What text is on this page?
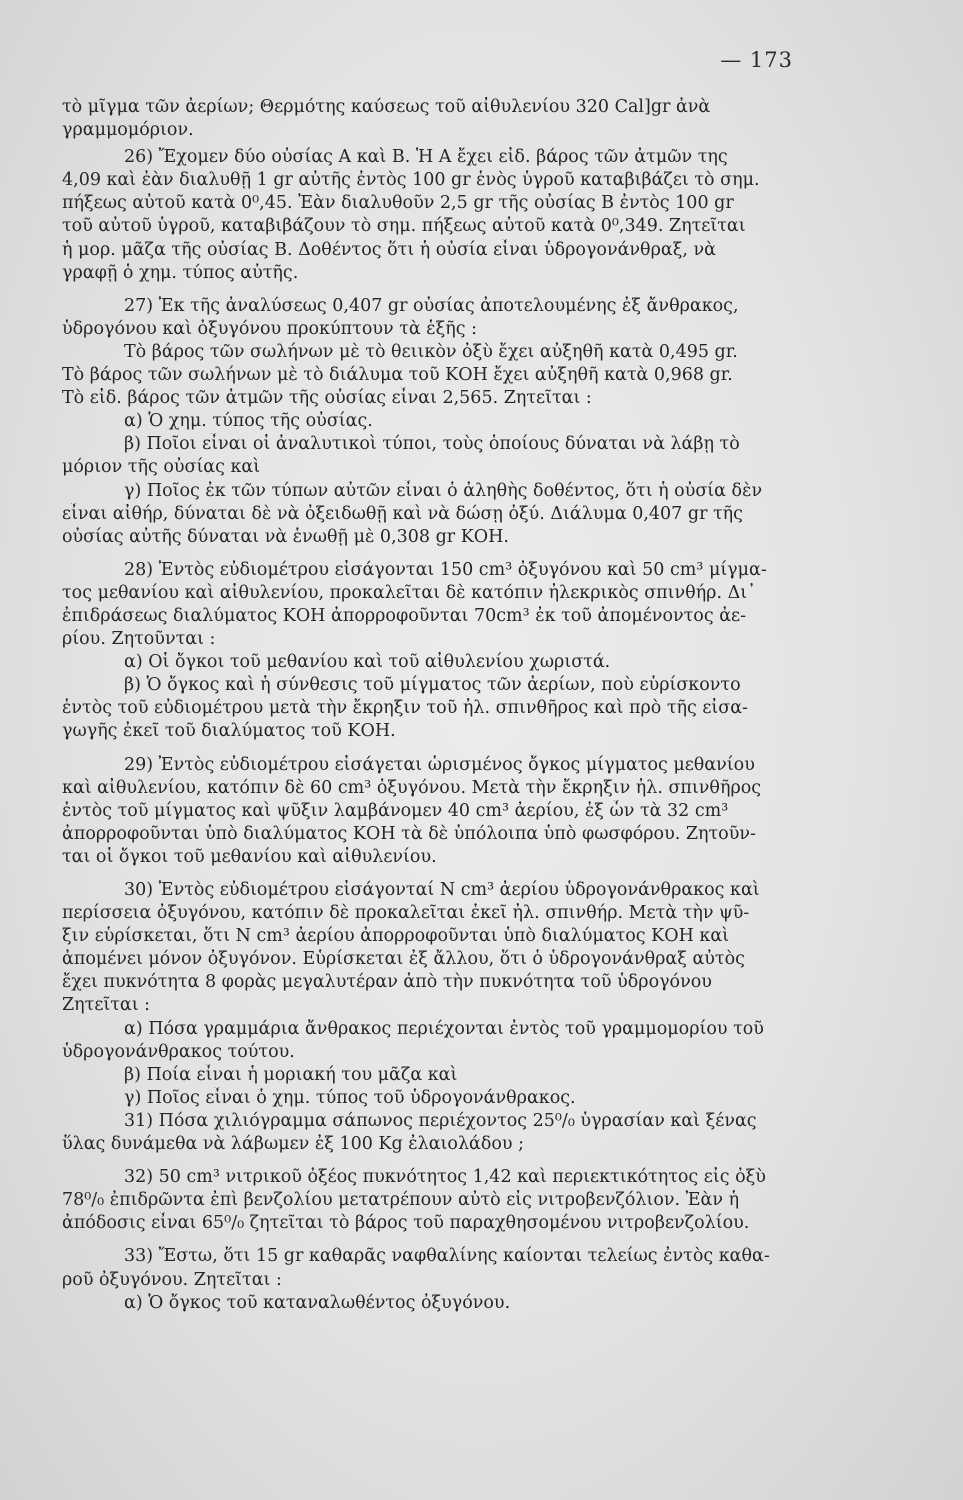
— 173
τὸ μῖγμα τῶν ἀερίων; Θερμότης καύσεως τοῦ αἰθυλενίου 320 Cal]gr ἀνὰ
γραμμομόριον.
26) Ἔχομεν δύο οὐσίας Α καὶ Β. Ἡ Α ἔχει εἰδ. βάρος τῶν ἀτμῶν της
4,09 καὶ ἐὰν διαλυθῇ 1 gr αὐτῆς ἐντὸς 100 gr ἑνὸς ὑγροῦ καταβιβάζει τὸ σημ.
πήξεως αὐτοῦ κατὰ 0⁰,45. Ἐὰν διαλυθοῦν 2,5 gr τῆς οὐσίας Β ἐντὸς 100 gr
τοῦ αὐτοῦ ὑγροῦ, καταβιβάζουν τὸ σημ. πήξεως αὐτοῦ κατὰ 0⁰,349. Ζητεῖται
ἡ μορ. μᾶζα τῆς οὐσίας Β. Δοθέντος ὅτι ἡ οὐσία εἶναι ὑδρογονάνθραξ, νὰ
γραφῇ ὁ χημ. τύπος αὐτῆς.
27) Ἐκ τῆς ἀναλύσεως 0,407 gr οὐσίας ἀποτελουμένης ἐξ ἄνθρακος,
ὑδρογόνου καὶ ὀξυγόνου προκύπτουν τὰ ἑξῆς :
Τὸ βάρος τῶν σωλήνων μὲ τὸ θειικὸν ὀξὺ ἔχει αὐξηθῆ κατὰ 0,495 gr.
Τὸ βάρος τῶν σωλήνων μὲ τὸ διάλυμα τοῦ ΚΟΗ ἔχει αὐξηθῆ κατὰ 0,968 gr.
Τὸ εἰδ. βάρος τῶν ἀτμῶν τῆς οὐσίας εἶναι 2,565. Ζητεῖται :
α) Ὁ χημ. τύπος τῆς οὐσίας.
β) Ποῖοι εἶναι οἱ ἀναλυτικοὶ τύποι, τοὺς ὁποίους δύναται νὰ λάβῃ τὸ
μόριον τῆς οὐσίας καὶ
γ) Ποῖος ἐκ τῶν τύπων αὐτῶν εἶναι ὁ ἀληθὴς δοθέντος, ὅτι ἡ οὐσία δὲν
εἶναι αἰθήρ, δύναται δὲ νὰ ὀξειδωθῇ καὶ νὰ δώσῃ ὀξύ. Διάλυμα 0,407 gr τῆς
οὐσίας αὐτῆς δύναται νὰ ἑνωθῇ μὲ 0,308 gr ΚΟΗ.
28) Ἐντὸς εὐδιομέτρου εἰσάγονται 150 cm³ ὀξυγόνου καὶ 50 cm³ μίγμα-
τος μεθανίου καὶ αἰθυλενίου, προκαλεῖται δὲ κατόπιν ἠλεκρικὸς σπινθήρ. Δι᾽
ἐπιδράσεως διαλύματος ΚΟΗ ἀπορροφοῦνται 70cm³ ἐκ τοῦ ἀπομένοντος ἀε-
ρίου. Ζητοῦνται :
α) Οἱ ὄγκοι τοῦ μεθανίου καὶ τοῦ αἰθυλενίου χωριστά.
β) Ὁ ὄγκος καὶ ἡ σύνθεσις τοῦ μίγματος τῶν ἀερίων, ποὺ εὑρίσκοντο
ἐντὸς τοῦ εὐδιομέτρου μετὰ τὴν ἔκρηξιν τοῦ ἠλ. σπινθῆρος καὶ πρὸ τῆς εἰσα-
γωγῆς ἐκεῖ τοῦ διαλύματος τοῦ ΚΟΗ.
29) Ἐντὸς εὐδιομέτρου εἰσάγεται ὡρισμένος ὄγκος μίγματος μεθανίου
καὶ αἰθυλενίου, κατόπιν δὲ 60 cm³ ὀξυγόνου. Μετὰ τὴν ἔκρηξιν ἠλ. σπινθῆρος
ἐντὸς τοῦ μίγματος καὶ ψῦξιν λαμβάνομεν 40 cm³ ἀερίου, ἐξ ὧν τὰ 32 cm³
ἀπορροφοῦνται ὑπὸ διαλύματος ΚΟΗ τὰ δὲ ὑπόλοιπα ὑπὸ φωσφόρου. Ζητοῦν-
ται οἱ ὄγκοι τοῦ μεθανίου καὶ αἰθυλενίου.
30) Ἐντὸς εὐδιομέτρου εἰσάγονταί Ν cm³ ἀερίου ὑδρογονάνθρακος καὶ
περίσσεια ὀξυγόνου, κατόπιν δὲ προκαλεῖται ἐκεῖ ἠλ. σπινθήρ. Μετὰ τὴν ψῦ-
ξιν εὑρίσκεται, ὅτι Ν cm³ ἀερίου ἀπορροφοῦνται ὑπὸ διαλύματος ΚΟΗ καὶ
ἀπομένει μόνον ὀξυγόνον. Εὑρίσκεται ἐξ ἄλλου, ὅτι ὁ ὑδρογονάνθραξ αὐτὸς
ἔχει πυκνότητα 8 φορὰς μεγαλυτέραν ἀπὸ τὴν πυκνότητα τοῦ ὑδρογόνου
Ζητεῖται :
α) Πόσα γραμμάρια ἄνθρακος περιέχονται ἐντὸς τοῦ γραμμομορίου τοῦ
ὑδρογονάνθρακος τούτου.
β) Ποία εἶναι ἡ μοριακή του μᾶζα καὶ
γ) Ποῖος εἶναι ὁ χημ. τύπος τοῦ ὑδρογονάνθρακος.
31) Πόσα χιλιόγραμμα σάπωνος περιέχοντος 25⁰/₀ ὑγρασίαν καὶ ξένας
ὕλας δυνάμεθα νὰ λάβωμεν ἐξ 100 Kg ἐλαιολάδου ;
32) 50 cm³ νιτρικοῦ ὀξέος πυκνότητος 1,42 καὶ περιεκτικότητος εἰς ὀξὺ
78⁰/₀ ἐπιδρῶντα ἐπὶ βενζολίου μετατρέπουν αὐτὸ εἰς νιτροβενζόλιον. Ἐὰν ἡ
ἀπόδοσις εἶναι 65⁰/₀ ζητεῖται τὸ βάρος τοῦ παραχθησομένου νιτροβενζολίου.
33) Ἔστω, ὅτι 15 gr καθαρᾶς ναφθαλίνης καίονται τελείως ἐντὸς καθα-
ροῦ ὀξυγόνου. Ζητεῖται :
α) Ὁ ὄγκος τοῦ καταναλωθέντος ὀξυγόνου.
